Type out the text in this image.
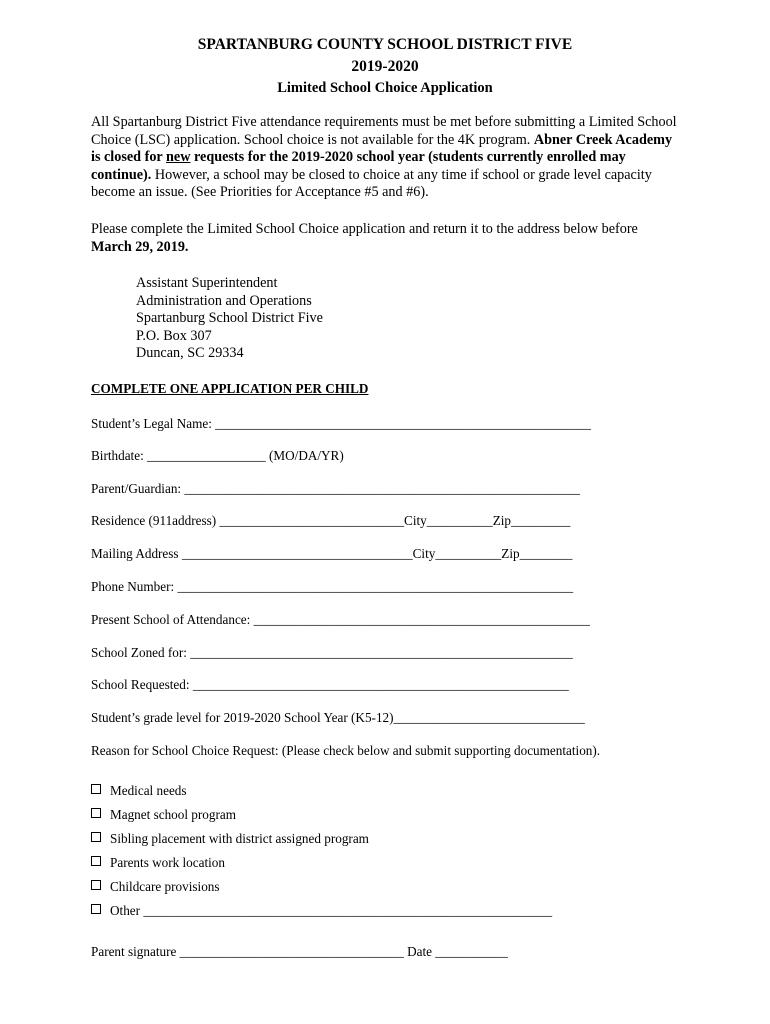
SPARTANBURG COUNTY SCHOOL DISTRICT FIVE
2019-2020
Limited School Choice Application
All Spartanburg District Five attendance requirements must be met before submitting a Limited School Choice (LSC) application. School choice is not available for the 4K program. Abner Creek Academy is closed for new requests for the 2019-2020 school year (students currently enrolled may continue). However, a school may be closed to choice at any time if school or grade level capacity become an issue. (See Priorities for Acceptance #5 and #6).
Please complete the Limited School Choice application and return it to the address below before March 29, 2019.
Assistant Superintendent
Administration and Operations
Spartanburg School District Five
P.O. Box 307
Duncan, SC 29334
COMPLETE ONE APPLICATION PER CHILD
Student’s Legal Name: _________________________________________________________
Birthdate: __________________ (MO/DA/YR)
Parent/Guardian: ____________________________________________________________
Residence (911address) ____________________________City__________Zip_________
Mailing Address ___________________________________City__________Zip________
Phone Number: ____________________________________________________________
Present School of Attendance: ___________________________________________________
School Zoned for: __________________________________________________________
School Requested: _________________________________________________________
Student’s grade level for 2019-2020 School Year (K5-12)_____________________________
Reason for School Choice Request: (Please check below and submit supporting documentation).
Medical needs
Magnet school program
Sibling placement with district assigned program
Parents work location
Childcare provisions
Other ______________________________________________________________
Parent signature __________________________________ Date ___________
